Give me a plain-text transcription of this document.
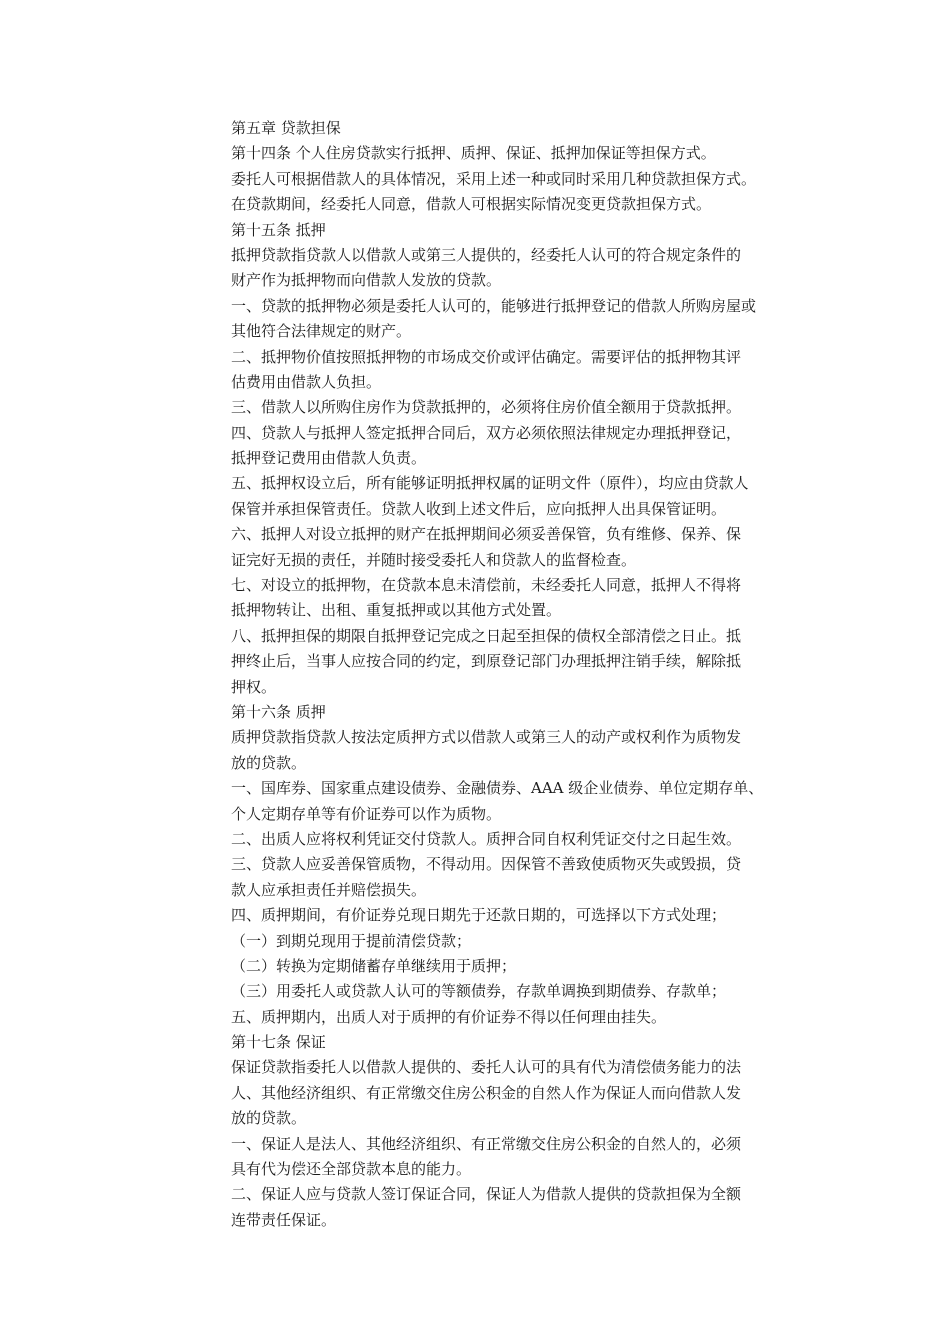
第五章 贷款担保
第十四条 个人住房贷款实行抵押、质押、保证、抵押加保证等担保方式。
委托人可根据借款人的具体情况，采用上述一种或同时采用几种贷款担保方式。
在贷款期间，经委托人同意，借款人可根据实际情况变更贷款担保方式。
第十五条 抵押
抵押贷款指贷款人以借款人或第三人提供的，经委托人认可的符合规定条件的
财产作为抵押物而向借款人发放的贷款。
一、贷款的抵押物必须是委托人认可的，能够进行抵押登记的借款人所购房屋或
其他符合法律规定的财产。
二、抵押物价值按照抵押物的市场成交价或评估确定。需要评估的抵押物其评
估费用由借款人负担。
三、借款人以所购住房作为贷款抵押的，必须将住房价值全额用于贷款抵押。
四、贷款人与抵押人签定抵押合同后，双方必须依照法律规定办理抵押登记，
抵押登记费用由借款人负责。
五、抵押权设立后，所有能够证明抵押权属的证明文件（原件），均应由贷款人
保管并承担保管责任。贷款人收到上述文件后，应向抵押人出具保管证明。
六、抵押人对设立抵押的财产在抵押期间必须妥善保管，负有维修、保养、保
证完好无损的责任，并随时接受委托人和贷款人的监督检查。
七、对设立的抵押物，在贷款本息未清偿前，未经委托人同意，抵押人不得将
抵押物转让、出租、重复抵押或以其他方式处置。
八、抵押担保的期限自抵押登记完成之日起至担保的债权全部清偿之日止。抵
押终止后，当事人应按合同的约定，到原登记部门办理抵押注销手续，解除抵
押权。
第十六条 质押
质押贷款指贷款人按法定质押方式以借款人或第三人的动产或权利作为质物发
放的贷款。
一、国库券、国家重点建设债券、金融债券、AAA 级企业债券、单位定期存单、
个人定期存单等有价证券可以作为质物。
二、出质人应将权利凭证交付贷款人。质押合同自权利凭证交付之日起生效。
三、贷款人应妥善保管质物，不得动用。因保管不善致使质物灭失或毁损，贷
款人应承担责任并赔偿损失。
四、质押期间，有价证券兑现日期先于还款日期的，可选择以下方式处理；
（一）到期兑现用于提前清偿贷款；
（二）转换为定期储蓄存单继续用于质押；
（三）用委托人或贷款人认可的等额债券，存款单调换到期债券、存款单；
五、质押期内，出质人对于质押的有价证券不得以任何理由挂失。
第十七条 保证
保证贷款指委托人以借款人提供的、委托人认可的具有代为清偿债务能力的法
人、其他经济组织、有正常缴交住房公积金的自然人作为保证人而向借款人发
放的贷款。
一、保证人是法人、其他经济组织、有正常缴交住房公积金的自然人的，必须
具有代为偿还全部贷款本息的能力。
二、保证人应与贷款人签订保证合同，保证人为借款人提供的贷款担保为全额
连带责任保证。
